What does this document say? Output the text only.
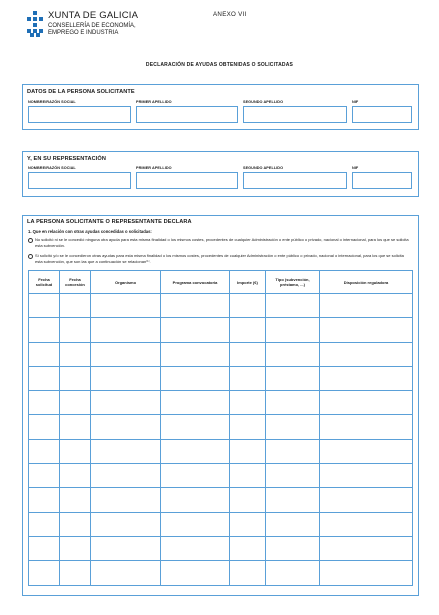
XUNTA DE GALICIA
CONSELLERÍA DE ECONOMÍA,
EMPREGO E INDUSTRIA
ANEXO VII
DECLARACIÓN DE AYUDAS OBTENIDAS O SOLICITADAS
DATOS DE LA PERSONA SOLICITANTE
NOMBRE/RAZÓN SOCIAL	PRIMER APELLIDO	SEGUNDO APELLIDO	NIF
Y, EN SU REPRESENTACIÓN
NOMBRE/RAZÓN SOCIAL	PRIMER APELLIDO	SEGUNDO APELLIDO	NIF
LA PERSONA SOLICITANTE O REPRESENTANTE DECLARA
1. Que en relación con otras ayudas concedidas o solicitadas:
No solicitó ni se le concedió ninguna otra ayuda para esta misma finalidad o los mismos costes, procedentes de cualquier Administración o ente público o privado, nacional o internacional, para los que se solicita esta subvención.
Sí solicitó y/o se le concedieron otras ayudas para esta misma finalidad o los mismos costes, procedentes de cualquier Administración o ente público o privado, nacional o internacional, para los que se solicita esta subvención, que son las que a continuación se relacionan⁽¹⁾.
Fecha solicitud	Fecha concesión	Organismo	Programa convocatoria	Importe (€)	Tipo (subvención, préstamo, ...)	Disposición reguladora
